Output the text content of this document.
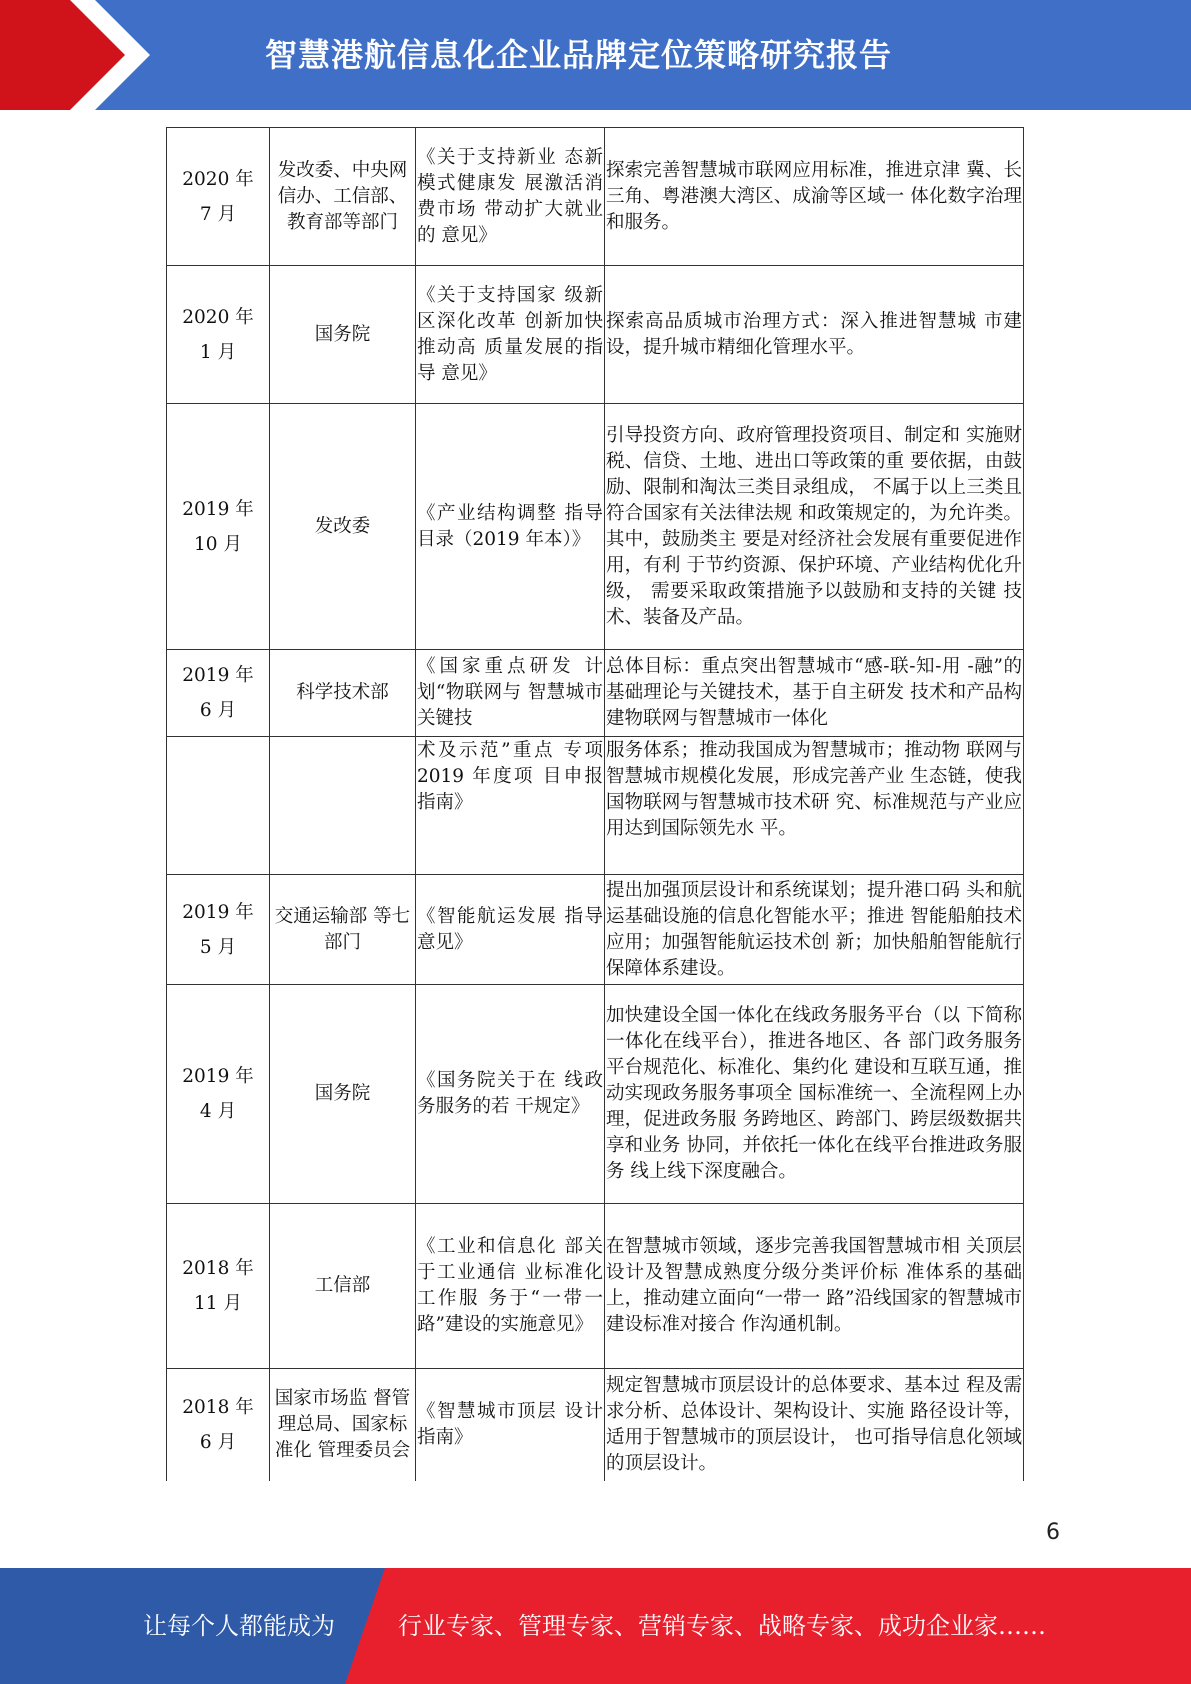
智慧港航信息化企业品牌定位策略研究报告
2020 年
7 月	发改委、中央网信办、工信部、教育部等部门	《关于支持新业 态新模式健康发 展激活消费市场 带动扩大就业的 意见》	探索完善智慧城市联网应用标准，推进京津 冀、长三角、粤港澳大湾区、成渝等区域一 体化数字治理和服务。

2020 年
1 月	国务院	《关于支持国家 级新区深化改革 创新加快推动高 质量发展的指导 意见》	探索高品质城市治理方式：深入推进智慧城 市建设，提升城市精细化管理水平。

2019 年
10 月	发改委	《产业结构调整 指导目录（2019 年本）》	引导投资方向、政府管理投资项目、制定和 实施财税、信贷、土地、进出口等政策的重 要依据，由鼓励、限制和淘汰三类目录组成， 不属于以上三类且符合国家有关法律法规 和政策规定的，为允许类。其中，鼓励类主 要是对经济社会发展有重要促进作用，有利 于节约资源、保护环境、产业结构优化升级， 需要采取政策措施予以鼓励和支持的关键 技术、装备及产品。

2019 年
6 月	科学技术部	《国家重点研发 计划“物联网与 智慧城市关键技	总体目标：重点突出智慧城市“感-联-知-用 -融”的基础理论与关键技术，基于自主研发 技术和产品构建物联网与智慧城市一体化

		术及示范”重点 专项 2019 年度项 目申报指南》	服务体系；推动我国成为智慧城市；推动物 联网与智慧城市规模化发展，形成完善产业 生态链，使我国物联网与智慧城市技术研 究、标准规范与产业应用达到国际领先水 平。

2019 年
5 月	交通运输部 等七部门	《智能航运发展 指导意见》	提出加强顶层设计和系统谋划；提升港口码 头和航运基础设施的信息化智能水平；推进 智能船舶技术应用；加强智能航运技术创 新；加快船舶智能航行保障体系建设。

2019 年
4 月	国务院	《国务院关于在 线政务服务的若 干规定》	加快建设全国一体化在线政务服务平台（以 下简称一体化在线平台），推进各地区、各 部门政务服务平台规范化、标准化、集约化 建设和互联互通，推动实现政务服务事项全 国标准统一、全流程网上办理，促进政务服 务跨地区、跨部门、跨层级数据共享和业务 协同，并依托一体化在线平台推进政务服务 线上线下深度融合。

2018 年
11 月	工信部	《工业和信息化 部关于工业通信 业标准化工作服 务于“一带一 路”建设的实施意见》	在智慧城市领域，逐步完善我国智慧城市相 关顶层设计及智慧成熟度分级分类评价标 准体系的基础上，推动建立面向“一带一 路”沿线国家的智慧城市建设标准对接合 作沟通机制。

2018 年
6 月	国家市场监 督管理总局、国家标准化 管理委员会	《智慧城市顶层 设计指南》	规定智慧城市顶层设计的总体要求、基本过 程及需求分析、总体设计、架构设计、实施 路径设计等，适用于智慧城市的顶层设计， 也可指导信息化领域的顶层设计。
6
让每个人都能成为	行业专家、管理专家、营销专家、战略专家、成功企业家……
